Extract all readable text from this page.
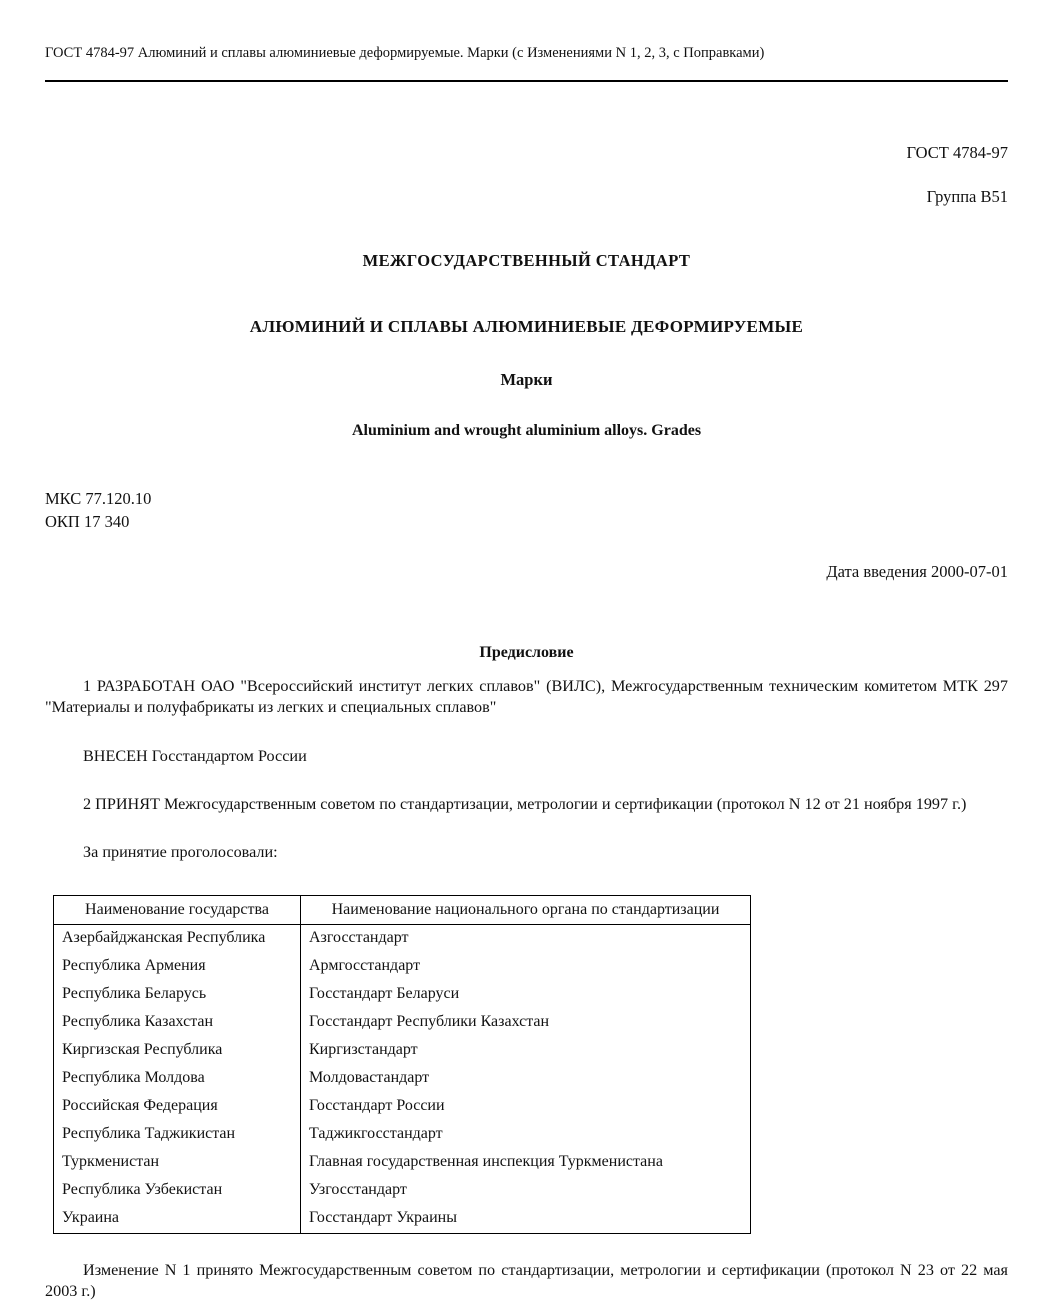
ГОСТ 4784-97 Алюминий и сплавы алюминиевые деформируемые. Марки (с Изменениями N 1, 2, 3, с Поправками)
ГОСТ 4784-97
Группа В51
МЕЖГОСУДАРСТВЕННЫЙ СТАНДАРТ
АЛЮМИНИЙ И СПЛАВЫ АЛЮМИНИЕВЫЕ ДЕФОРМИРУЕМЫЕ
Марки
Aluminium and wrought aluminium alloys. Grades
МКС 77.120.10
ОКП 17 340
Дата введения 2000-07-01
Предисловие
1 РАЗРАБОТАН ОАО "Всероссийский институт легких сплавов" (ВИЛС), Межгосударственным техническим комитетом МТК 297 "Материалы и полуфабрикаты из легких и специальных сплавов"
ВНЕСЕН Госстандартом России
2 ПРИНЯТ Межгосударственным советом по стандартизации, метрологии и сертификации (протокол N 12 от 21 ноября 1997 г.)
За принятие проголосовали:
Наименование государства	Наименование национального органа по стандартизации
Азербайджанская Республика	Азгосстандарт
Республика Армения	Армгосстандарт
Республика Беларусь	Госстандарт Беларуси
Республика Казахстан	Госстандарт Республики Казахстан
Киргизская Республика	Киргизстандарт
Республика Молдова	Молдовастандарт
Российская Федерация	Госстандарт России
Республика Таджикистан	Таджикгосстандарт
Туркменистан	Главная государственная инспекция Туркменистана
Республика Узбекистан	Узгосстандарт
Украина	Госстандарт Украины
Изменение N 1 принято Межгосударственным советом по стандартизации, метрологии и сертификации (протокол N 23 от 22 мая 2003 г.)
